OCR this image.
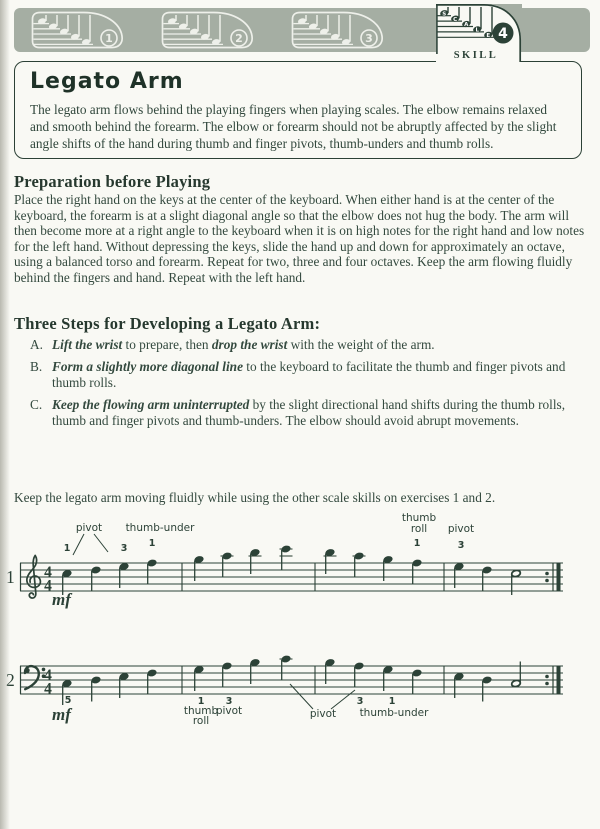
1	2	3
S
C
A
L
E 4
SKILL
Legato Arm

The legato arm flows behind the playing fingers when playing scales. The elbow remains relaxed and smooth behind the forearm. The elbow or forearm should not be abruptly affected by the slight angle shifts of the hand during thumb and finger pivots, thumb-unders and thumb rolls.

Preparation before Playing

Place the right hand on the keys at the center of the keyboard. When either hand is at the center of the keyboard, the forearm is at a slight diagonal angle so that the elbow does not hug the body. The arm will then become more at a right angle to the keyboard when it is on high notes for the right hand and low notes for the left hand. Without depressing the keys, slide the hand up and down for approximately an octave, using a balanced torso and forearm. Repeat for two, three and four octaves. Keep the arm flowing fluidly behind the fingers and hand. Repeat with the left hand.

Three Steps for Developing a Legato Arm:
A. Lift the wrist to prepare, then drop the wrist with the weight of the arm.
B. Form a slightly more diagonal line to the keyboard to facilitate the thumb and finger pivots and thumb rolls.
C. Keep the flowing arm uninterrupted by the slight directional hand shifts during the thumb rolls, thumb and finger pivots and thumb-unders. The elbow should avoid abrupt movements.

Keep the legato arm moving fluidly while using the other scale skills on exercises 1 and 2.

4
4
1
pivot thumb-under
thumb
roll pivot
1	3 1	1	3
mf
4
4
2
thumb
roll
pivot	pivot thumb-under
5	1 3	3	1
mf
